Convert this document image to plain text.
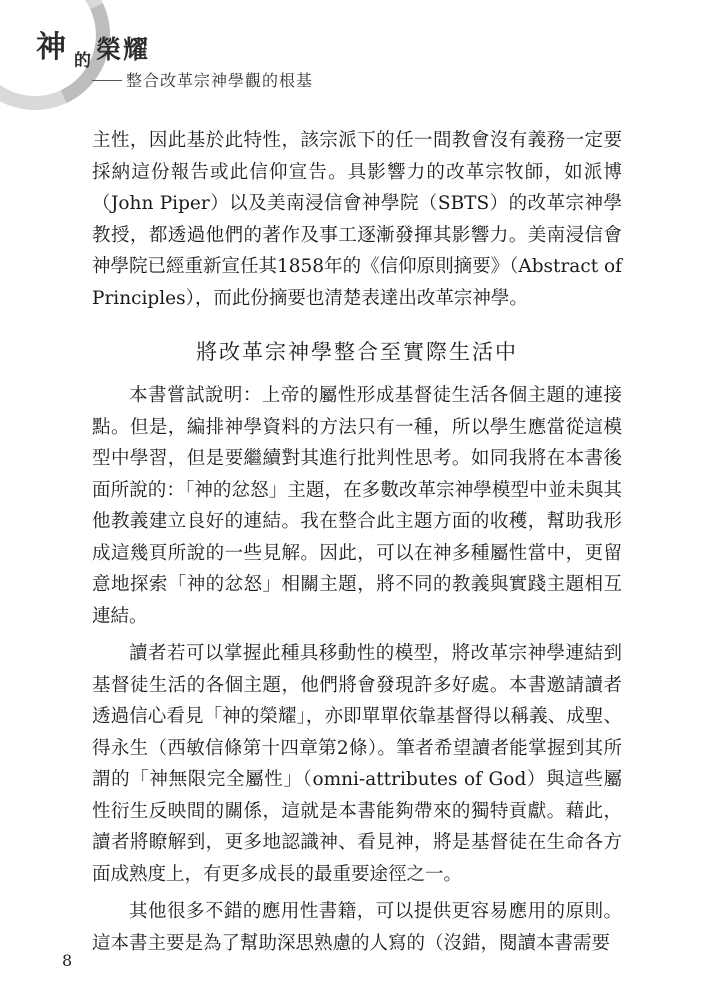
神 的 榮耀
整合改革宗神學觀的根基

主性，因此基於此特性，該宗派下的任一間教會沒有義務一定要採納這份報告或此信仰宣告。具影響力的改革宗牧師，如派博 （John Piper）以及美南浸信會神學院（SBTS）的改革宗神學教授，都透過他們的著作及事工逐漸發揮其影響力。美南浸信會神學院已經重新宣任其1858年的《信仰原則摘要》（Abstract of Principles），而此份摘要也清楚表達出改革宗神學。

將改革宗神學整合至實際生活中

本書嘗試說明：上帝的屬性形成基督徒生活各個主題的連接點。但是，編排神學資料的方法只有一種，所以學生應當從這模型中學習，但是要繼續對其進行批判性思考。如同我將在本書後面所說的：「神的忿怒」主題，在多數改革宗神學模型中並未與其他教義建立良好的連結。我在整合此主題方面的收穫，幫助我形成這幾頁所說的一些見解。因此，可以在神多種屬性當中，更留意地探索「神的忿怒」相關主題，將不同的教義與實踐主題相互連結。

讀者若可以掌握此種具移動性的模型，將改革宗神學連結到基督徒生活的各個主題，他們將會發現許多好處。本書邀請讀者透過信心看見「神的榮耀」，亦即單單依靠基督得以稱義、成聖、得永生（西敏信條第十四章第2條）。筆者希望讀者能掌握到其所謂的「神無限完全屬性」（omni-attributes of God）與這些屬性衍生反映間的關係，這就是本書能夠帶來的獨特貢獻。藉此，讀者將瞭解到，更多地認識神、看見神，將是基督徒在生命各方面成熟度上，有更多成長的最重要途徑之一。

其他很多不錯的應用性書籍，可以提供更容易應用的原則。這本書主要是為了幫助深思熟慮的人寫的（沒錯，閱讀本書需要

8
